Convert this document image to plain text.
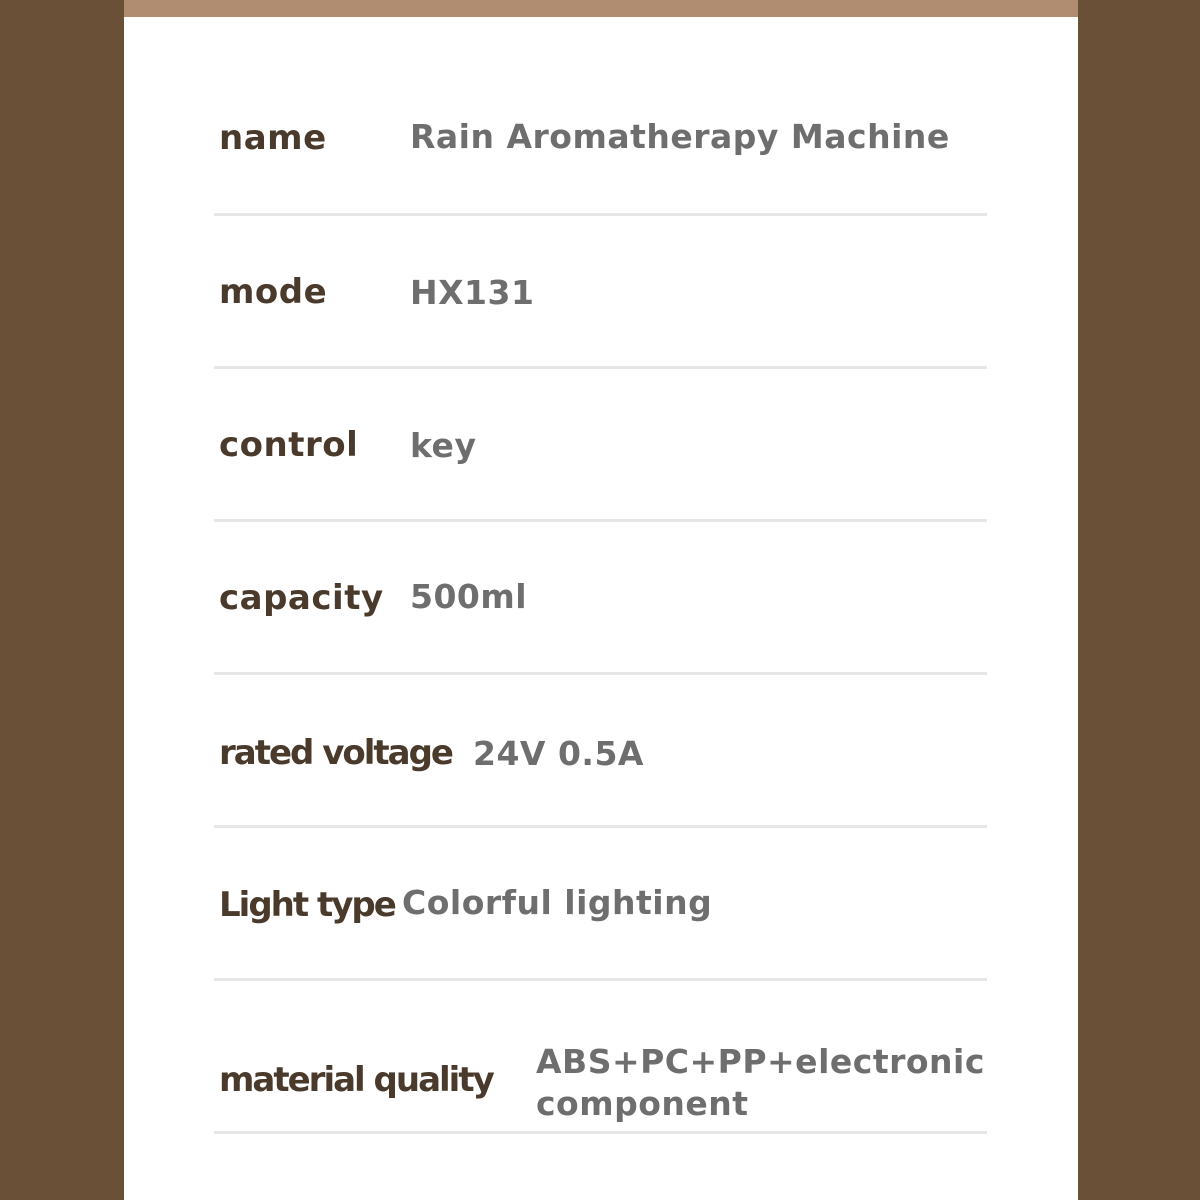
name	Rain Aromatherapy Machine
mode	HX131
control key
capacity 500ml
rated voltage 24V 0.5A
Light type Colorful lighting
material quality ABS+PC+PP+electronic component
